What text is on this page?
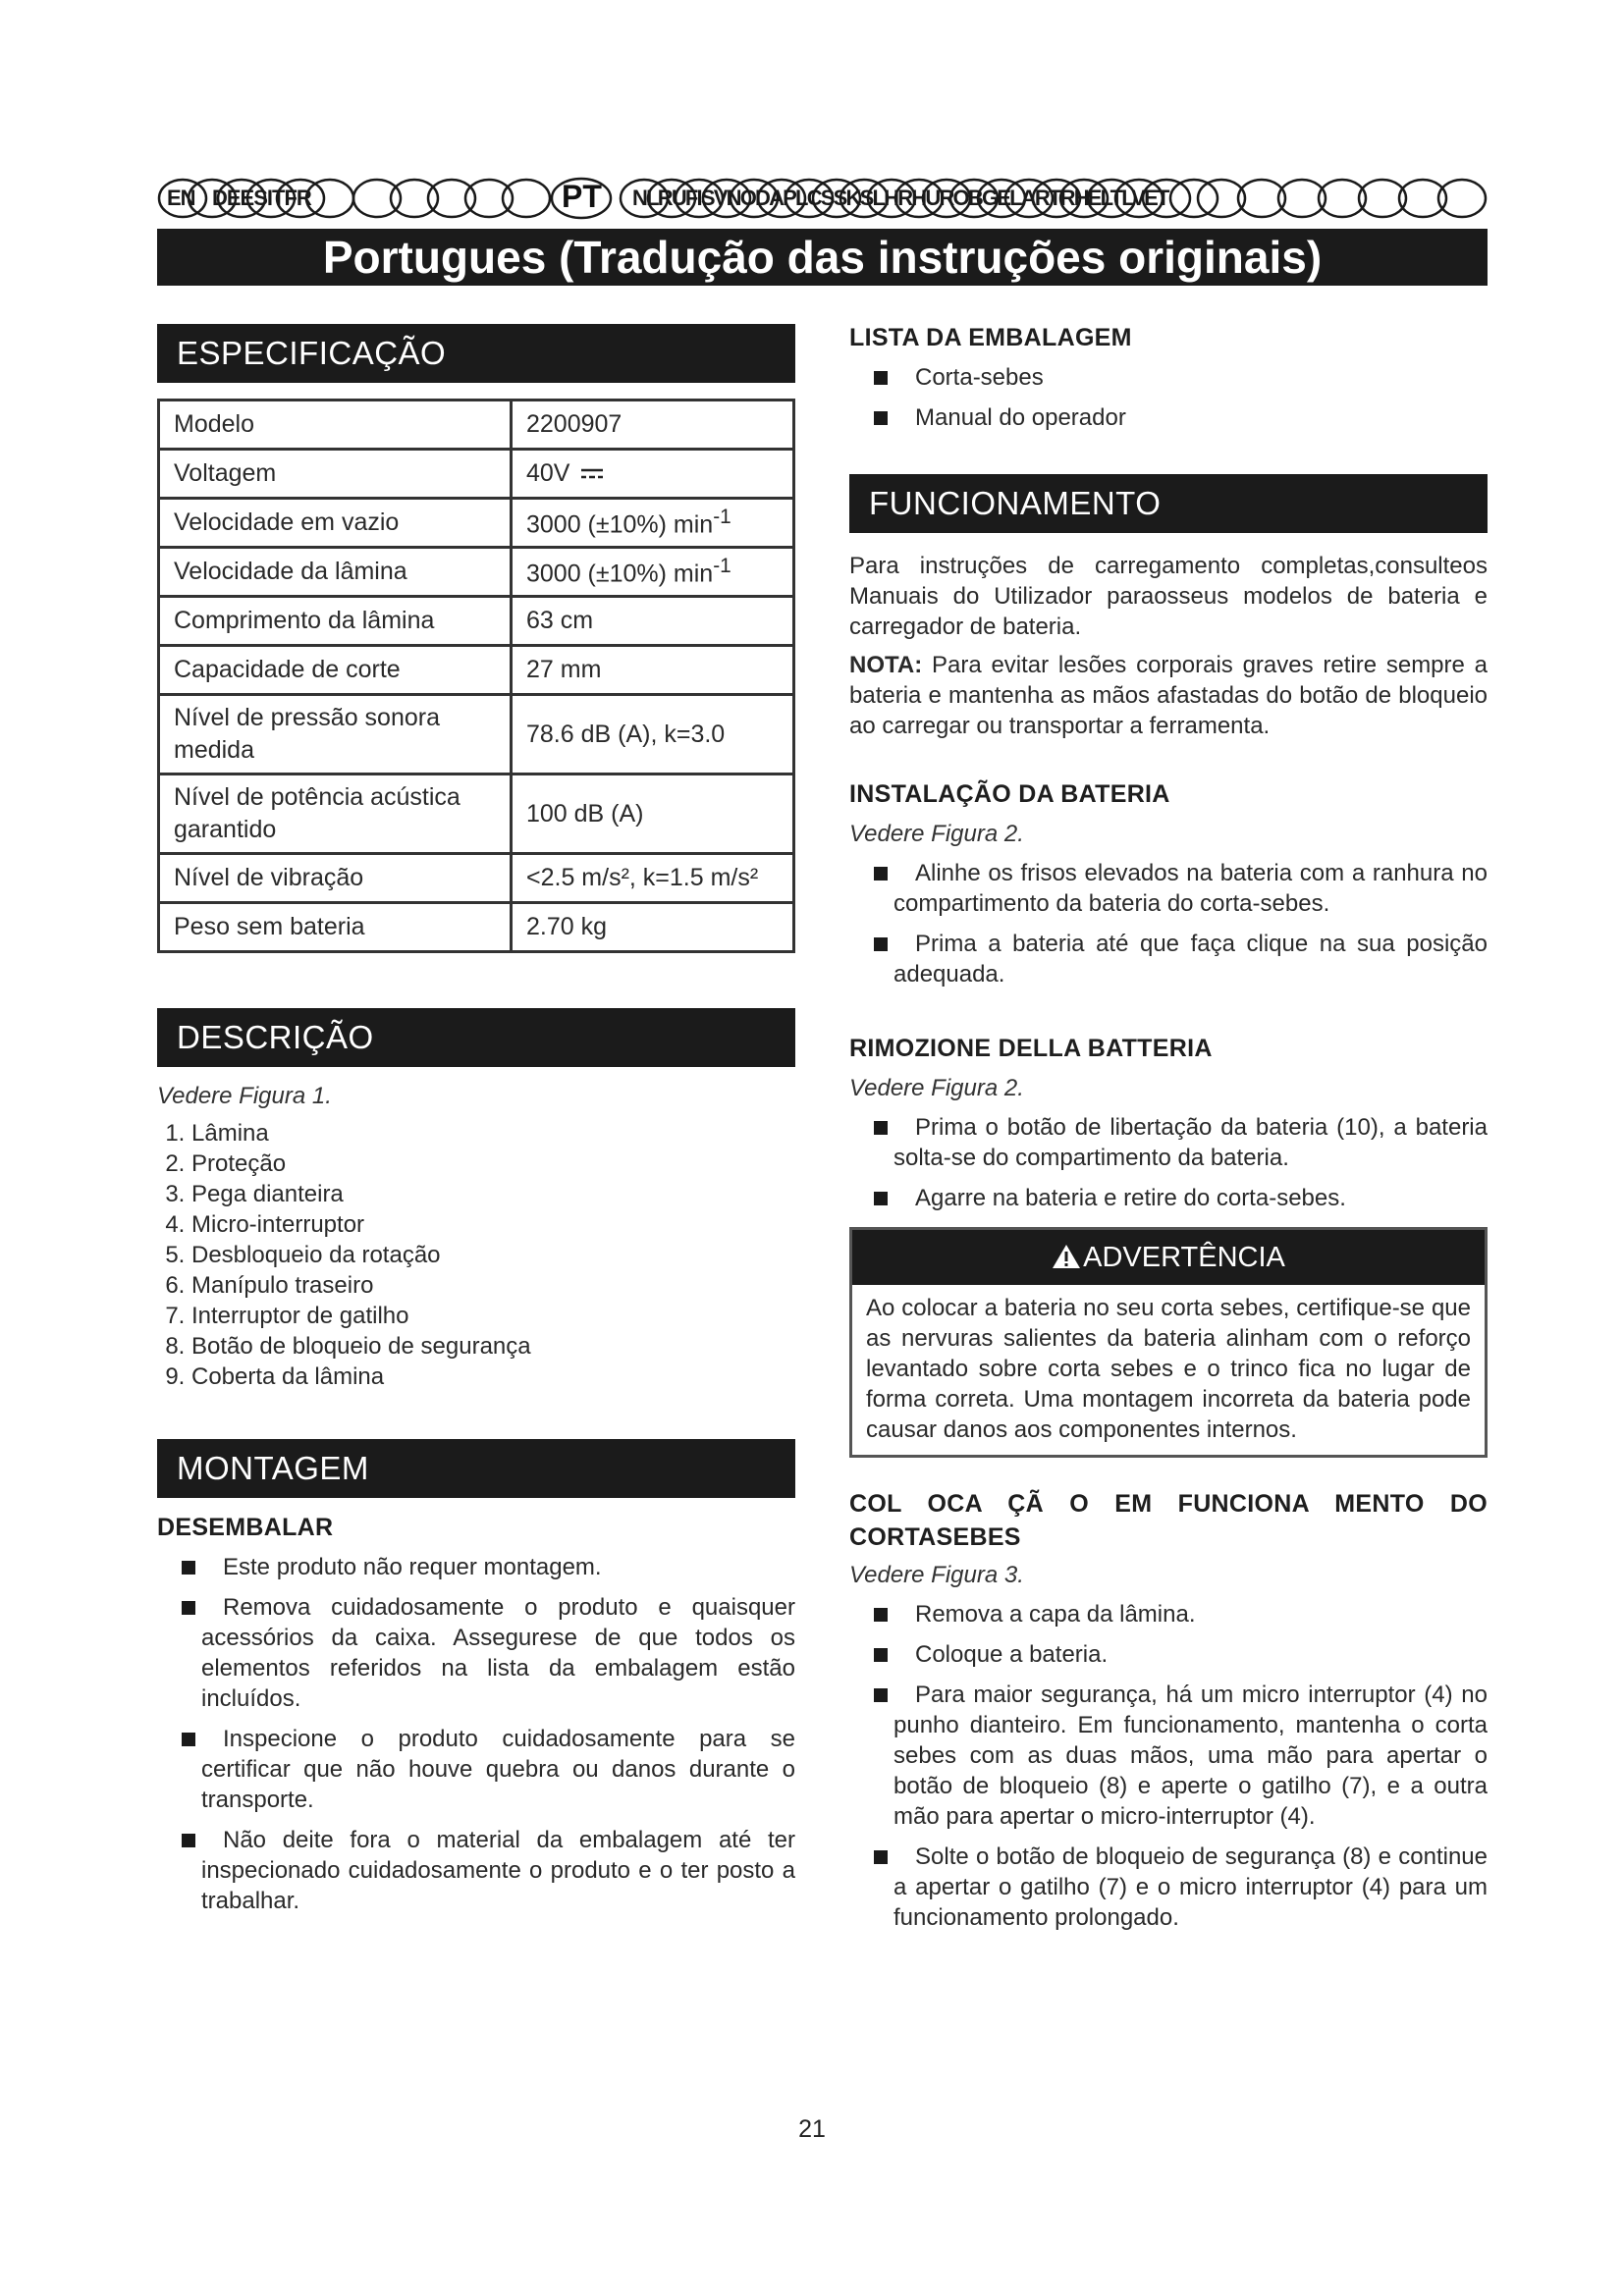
EN DEESITFR	PT NLRUFISVNODAPLCSSKSLHRHUROBGELARTRHELTLVET
Portugues (Tradução das instruções originais)
ESPECIFICAÇÃO
Modelo	2200907
Voltagem	40V
Velocidade em vazio	3000 (±10%) $\min^{-1}$
Velocidade da lâmina	3000 (±10%) $\min^{-1}$
Comprimento da lâmina	63 cm
Capacidade de corte	27 mm
Nível de pressão sonora medida	78.6 dB (A), k=3.0
Nível de potência acústica garantido	100 dB (A)
Nível de vibração	<2.5 m/s², k=1.5 m/s²
Peso sem bateria	2.70 kg
DESCRIÇÃO
Vedere Figura 1.
1. Lâmina
2. Proteção
3. Pega dianteira
4. Micro-interruptor
5. Desbloqueio da rotação
6. Manípulo traseiro
7. Interruptor de gatilho
8. Botão de bloqueio de segurança
9. Coberta da lâmina
MONTAGEM
DESEMBALAR
Este produto não requer montagem.
Remova cuidadosamente o produto e quaisquer acessórios da caixa. Assegurese de que todos os elementos referidos na lista da embalagem estão incluídos.
Inspecione o produto cuidadosamente para se certificar que não houve quebra ou danos durante o transporte.
Não deite fora o material da embalagem até ter inspecionado cuidadosamente o produto e o ter posto a trabalhar.
LISTA DA EMBALAGEM
Corta-sebes
Manual do operador
FUNCIONAMENTO
Para instruções de carregamento completas,consulteos Manuais do Utilizador paraosseus modelos de bateria e carregador de bateria.
NOTA: Para evitar lesões corporais graves retire sempre a bateria e mantenha as mãos afastadas do botão de bloqueio ao carregar ou transportar a ferramenta.
INSTALAÇÃO DA BATERIA
Vedere Figura 2.
Alinhe os frisos elevados na bateria com a ranhura no compartimento da bateria do corta-sebes.
Prima a bateria até que faça clique na sua posição adequada.
RIMOZIONE DELLA BATTERIA
Vedere Figura 2.
Prima o botão de libertação da bateria (10), a bateria solta-se do compartimento da bateria.
Agarre na bateria e retire do corta-sebes.
ADVERTÊNCIA
Ao colocar a bateria no seu corta sebes, certifique-se que as nervuras salientes da bateria alinham com o reforço levantado sobre corta sebes e o trinco fica no lugar de forma correta. Uma montagem incorreta da bateria pode causar danos aos componentes internos.
COL OCA ÇÃ O EM FUNCIONA MENTO DO CORTASEBES
Vedere Figura 3.
Remova a capa da lâmina.
Coloque a bateria.
Para maior segurança, há um micro interruptor (4) no punho dianteiro. Em funcionamento, mantenha o corta sebes com as duas mãos, uma mão para apertar o botão de bloqueio (8) e aperte o gatilho (7), e a outra mão para apertar o micro-interruptor (4).
Solte o botão de bloqueio de segurança (8) e continue a apertar o gatilho (7) e o micro interruptor (4) para um funcionamento prolongado.
21
